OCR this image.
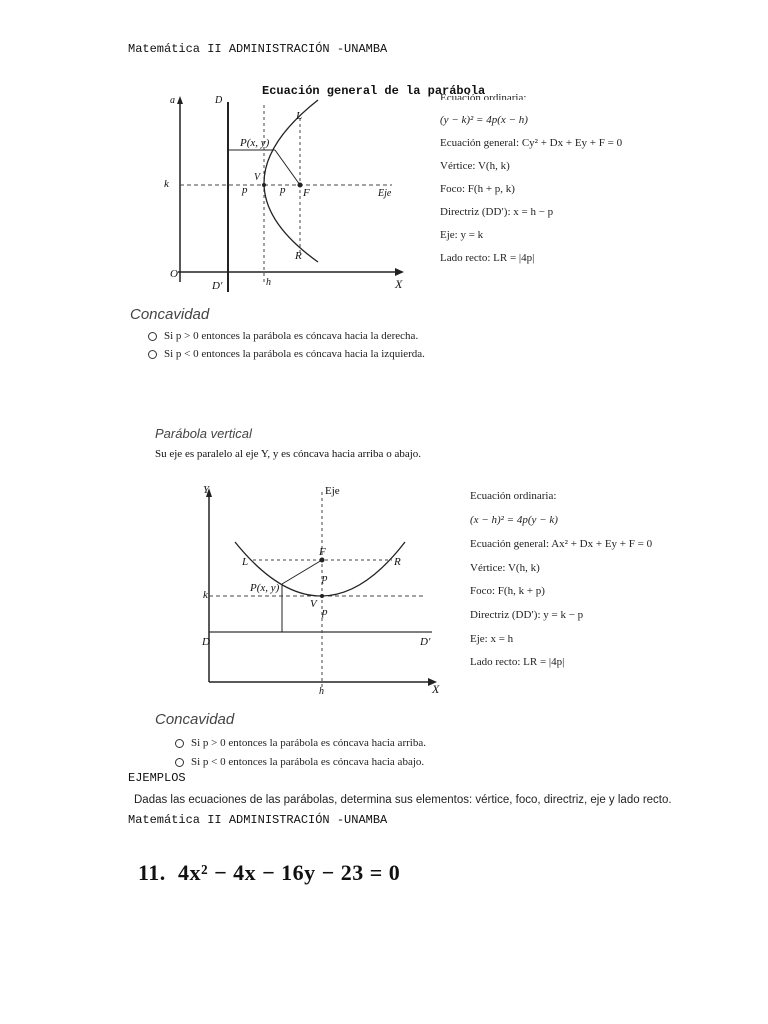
Matemática II ADMINISTRACIÓN -UNAMBA
Ecuación general de la parábola
a	D
P(x, y)
L
V
k	p	p F	Eje
R
O
D′	h	X
Ecuación ordinaria:
(y − k)² = 4p(x − h)
Ecuación general: Cy² + Dx + Ey + F = 0
Vértice: V(h, k)
Foco: F(h + p, k)
Directriz (DD′): x = h − p
Eje: y = k
Lado recto: LR = |4p|
Concavidad
Si p > 0 entonces la parábola es cóncava hacia la derecha.
Si p < 0 entonces la parábola es cóncava hacia la izquierda.
Parábola vertical
Su eje es paralelo al eje Y, y es cóncava hacia arriba o abajo.
Y	Eje
F
L	R
p
P(x, y)
V
k
p
D	D′
h	X
Ecuación ordinaria:
(x − h)² = 4p(y − k)
Ecuación general: Ax² + Dx + Ey + F = 0
Vértice: V(h, k)
Foco: F(h, k + p)
Directriz (DD′): y = k − p
Eje: x = h
Lado recto: LR = |4p|
Concavidad
Si p > 0 entonces la parábola es cóncava hacia arriba.
Si p < 0 entonces la parábola es cóncava hacia abajo.
EJEMPLOS
Dadas las ecuaciones de las parábolas, determina sus elementos: vértice, foco, directriz, eje y lado recto.
Matemática II ADMINISTRACIÓN -UNAMBA
11. 4x² − 4x − 16y − 23 = 0
